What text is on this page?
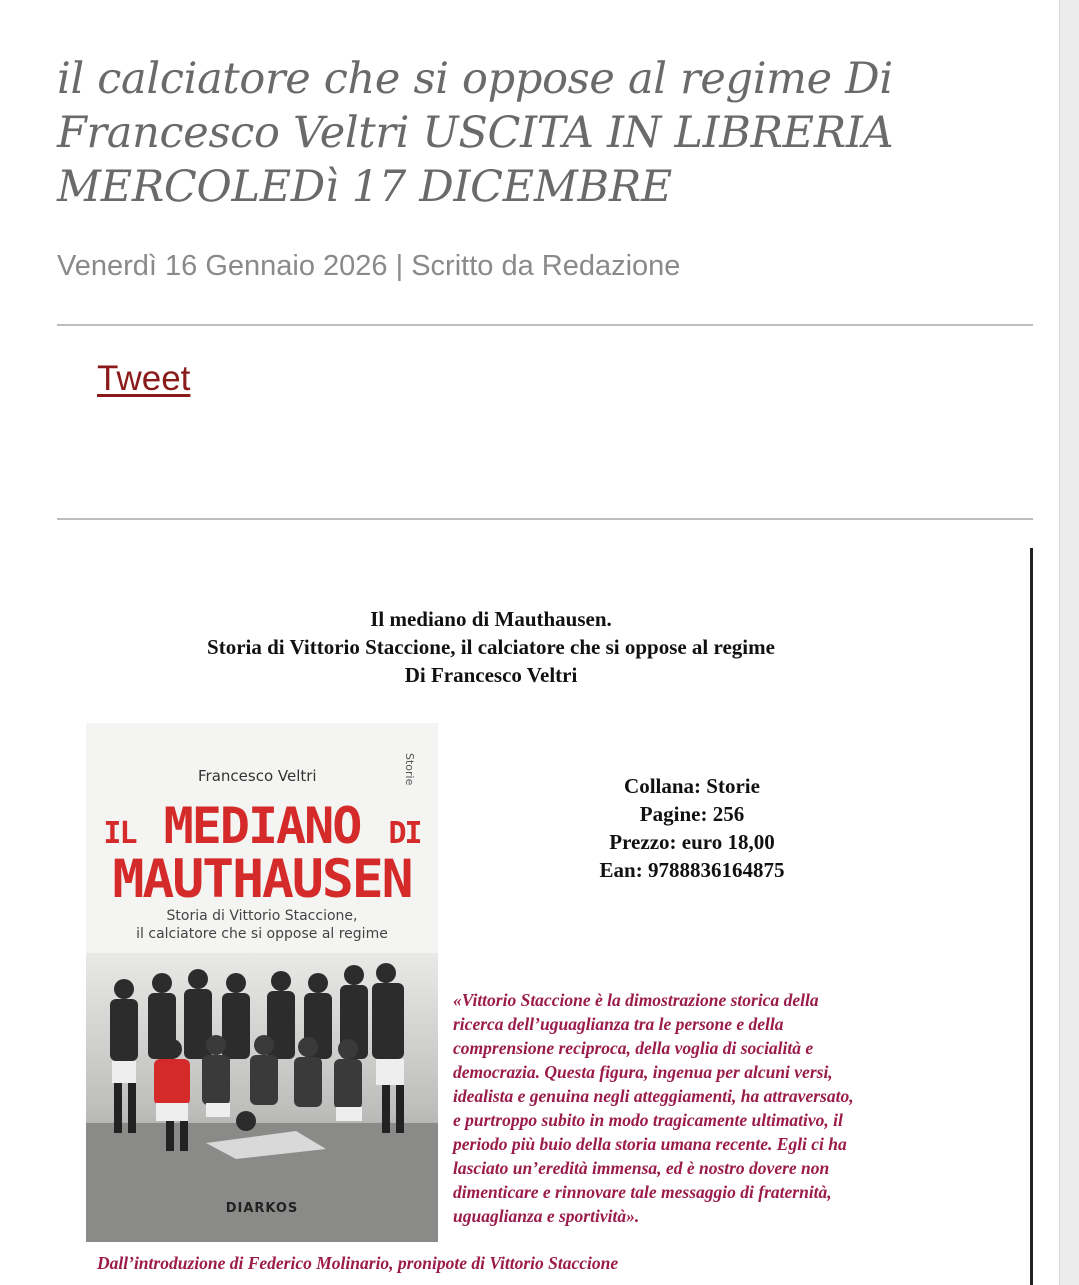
il calciatore che si oppose al regime Di Francesco Veltri USCITA IN LIBRERIA MERCOLEDì 17 DICEMBRE

Venerdì 16 Gennaio 2026 | Scritto da Redazione

Tweet
Il mediano di Mauthausen.
Storia di Vittorio Staccione, il calciatore che si oppose al regime
Di Francesco Veltri
Storie
Francesco Veltri
IL MEDIANO DI
MAUTHAUSEN
Storia di Vittorio Staccione,
il calciatore che si oppose al regime
DIARKOS
Collana: Storie
Pagine: 256
Prezzo: euro 18,00
Ean: 9788836164875
«Vittorio Staccione è la dimostrazione storica della
ricerca dell’uguaglianza tra le persone e della
comprensione reciproca, della voglia di socialità e
democrazia. Questa figura, ingenua per alcuni versi,
idealista e genuina negli atteggiamenti, ha attraversato,
e purtroppo subito in modo tragicamente ultimativo, il
periodo più buio della storia umana recente. Egli ci ha
lasciato un’eredità immensa, ed è nostro dovere non
dimenticare e rinnovare tale messaggio di fraternità,
uguaglianza e sportività».

Dall’introduzione di Federico Molinario, pronipote di Vittorio Staccione
